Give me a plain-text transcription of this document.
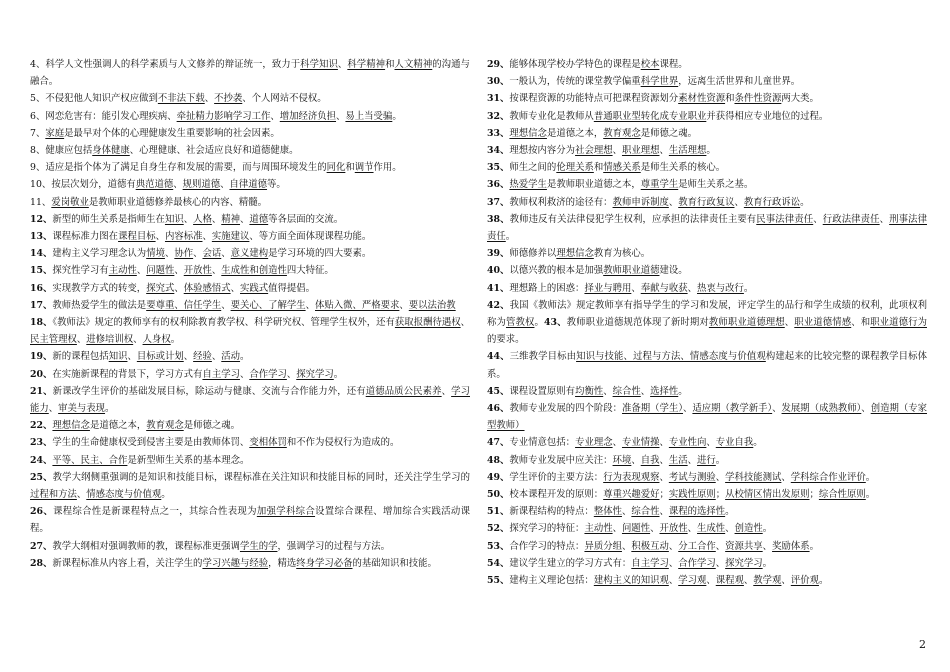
4、科学人文性强调人的科学素质与人文修养的辩证统一，致力于科学知识、科学精神和人文精神的沟通与融合。

5、不侵犯他人知识产权应做到不非法下载、不抄袭、个人网站不侵权。

6、网恋危害有：能引发心理疾病、牵扯精力影响学习工作、增加经济负担、易上当受骗。

7、家庭是最早对个体的心理健康发生重要影响的社会因素。

8、健康应包括身体健康、心理健康、社会适应良好和道德健康。

9、适应是指个体为了满足自身生存和发展的需要，而与周围环境发生的同化和调节作用。

10、按层次划分，道德有典范道德、规则道德、自律道德等。

11、爱岗敬业是教师职业道德修养最核心的内容、精髓。

12、新型的师生关系是指师生在知识、人格、精神、道德等各层面的交流。

13、课程标准力图在课程目标、内容标准、实施建议、等方面全面体现课程功能。

14、建构主义学习理念认为情境、协作、会话、意义建构是学习环境的四大要素。

15、探究性学习有主动性、问题性、开放性、生成性和创造性四大特征。

16、实现教学方式的转变，探究式、体验感悟式、实践式值得提倡。

17、教师热爱学生的做法是要尊重、信任学生、要关心、了解学生、体贴入微、严格要求、要以法治教

18、《教师法》规定的教师享有的权利除教育教学权、科学研究权、管理学生权外，还有获取报酬待遇权、民主管理权、进修培训权、人身权。

19、新的课程包括知识、目标或计划、经验、活动。

20、在实施新课程的背景下，学习方式有自主学习、合作学习、探究学习。

21、新课改学生评价的基础发展目标，除运动与健康、交流与合作能力外，还有道德品质公民素养、学习能力、审美与表现。

22、理想信念是道德之本，教育观念是师德之魂。

23、学生的生命健康权受到侵害主要是由教师体罚、变相体罚和不作为侵权行为造成的。

24、平等、民主、合作是新型师生关系的基本理念。

25、教学大纲侧重强调的是知识和技能目标，课程标准在关注知识和技能目标的同时，还关注学生学习的过程和方法、情感态度与价值观。

26、课程综合性是新课程特点之一，其综合性表现为加强学科综合设置综合课程、增加综合实践活动课程。

27、教学大纲相对强调教师的教，课程标准更强调学生的学，强调学习的过程与方法。

28、新课程标准从内容上看，关注学生的学习兴趣与经验，精选终身学习必备的基础知识和技能。

29、能够体现学校办学特色的课程是校本课程。

30、一般认为，传统的课堂教学偏重科学世界，远离生活世界和儿童世界。

31、按课程资源的功能特点可把课程资源划分素材性资源和条件性资源两大类。

32、教师专业化是教师从普通职业型转化成专业职业并获得相应专业地位的过程。

33、理想信念是道德之本，教育观念是师德之魂。

34、理想按内容分为社会理想、职业理想、生活理想。

35、师生之间的伦理关系和情感关系是师生关系的核心。

36、热爱学生是教师职业道德之本，尊重学生是师生关系之基。

37、教师权利救济的途径有：教师申诉制度、教育行政复议、教育行政诉讼。

38、教师违反有关法律侵犯学生权利，应承担的法律责任主要有民事法律责任、行政法律责任、刑事法律责任。

39、师德修养以理想信念教育为核心。

40、以德兴教的根本是加强教师职业道德建设。

41、理想路上的困惑：择业与聘用、奉献与收获、热衷与改行。

42、我国《教师法》规定教师享有指导学生的学习和发展，评定学生的品行和学生成绩的权利，此项权利称为管教权。43、教师职业道德规范体现了新时期对教师职业道德理想、职业道德情感、和职业道德行为的要求。

44、三维教学目标由知识与技能、过程与方法、情感态度与价值观构建起来的比较完整的课程教学目标体系。

45、课程设置原则有均衡性、综合性、选择性。

46、教师专业发展的四个阶段：准备期（学生）、适应期（教学新手）、发展期（成熟教师）、创造期（专家型教师）

47、专业情意包括：专业理念、专业情操、专业性向、专业自我。

48、教师专业发展中应关注：环境、自我、生活、进行。

49、学生评价的主要方法：行为表现观察、考试与测验、学科技能测试、学科综合作业评价。

50、校本课程开发的原则：尊重兴趣爱好；实践性原则；从校情区情出发原则；综合性原则。

51、新课程结构的特点：整体性、综合性、课程的选择性。

52、探究学习的特征：主动性、问题性、开放性、生成性、创造性。

53、合作学习的特点：异质分组、积极互动、分工合作、资源共享、奖励体系。

54、建议学生建立的学习方式有：自主学习、合作学习、探究学习。

55、建构主义理论包括：建构主义的知识观、学习观、课程观、教学观、评价观。

2
